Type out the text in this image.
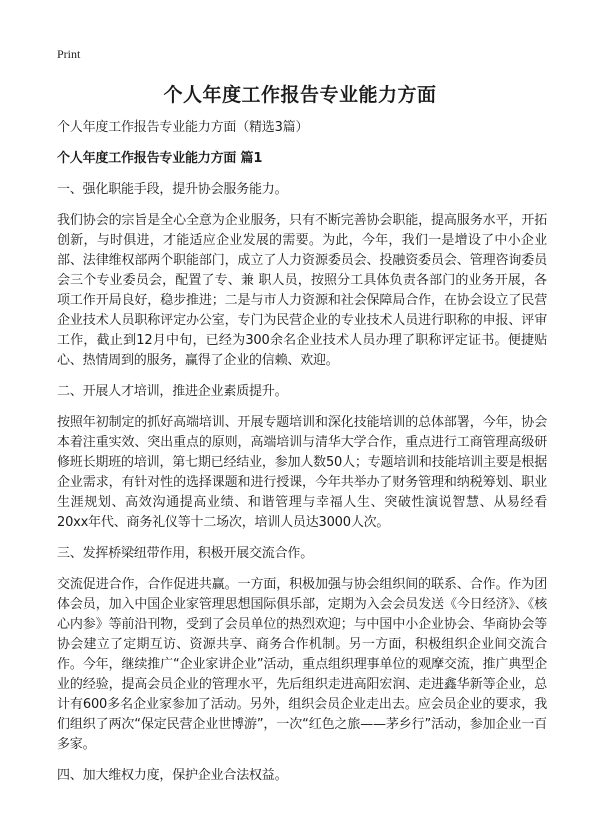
Print
个人年度工作报告专业能力方面

个人年度工作报告专业能力方面（精选3篇）

个人年度工作报告专业能力方面 篇1

一、强化职能手段，提升协会服务能力。

我们协会的宗旨是全心全意为企业服务，只有不断完善协会职能，提高服务水平，开拓创新，与时俱进，才能适应企业发展的需要。为此，今年，我们一是增设了中小企业部、法律维权部两个职能部门，成立了人力资源委员会、投融资委员会、管理咨询委员会三个专业委员会，配置了专、兼 职人员，按照分工具体负责各部门的业务开展，各项工作开局良好，稳步推进；二是与市人力资源和社会保障局合作，在协会设立了民营企业技术人员职称评定办公室，专门为民营企业的专业技术人员进行职称的申报、评审工作，截止到12月中旬，已经为300余名企业技术人员办理了职称评定证书。便捷贴心、热情周到的服务，赢得了企业的信赖、欢迎。

二、开展人才培训，推进企业素质提升。

按照年初制定的抓好高端培训、开展专题培训和深化技能培训的总体部署，今年，协会本着注重实效、突出重点的原则，高端培训与清华大学合作，重点进行工商管理高级研修班长期班的培训，第七期已经结业，参加人数50人；专题培训和技能培训主要是根据企业需求，有针对性的选择课题和进行授课，今年共举办了财务管理和纳税筹划、职业生涯规划、高效沟通提高业绩、和谐管理与幸福人生、突破性演说智慧、从易经看20xx年代、商务礼仪等十二场次，培训人员达3000人次。

三、发挥桥梁纽带作用，积极开展交流合作。

交流促进合作，合作促进共赢。一方面，积极加强与协会组织间的联系、合作。作为团体会员，加入中国企业家管理思想国际俱乐部，定期为入会会员发送《今日经济》、《核心内参》等前沿刊物，受到了会员单位的热烈欢迎；与中国中小企业协会、华商协会等协会建立了定期互访、资源共享、商务合作机制。另一方面，积极组织企业间交流合作。今年，继续推广“企业家讲企业”活动，重点组织理事单位的观摩交流，推广典型企业的经验，提高会员企业的管理水平，先后组织走进高阳宏润、走进鑫华新等企业，总计有600多名企业家参加了活动。另外，组织会员企业走出去。应会员企业的要求，我们组织了两次“保定民营企业世博游”，一次“红色之旅——茅乡行”活动，参加企业一百多家。

四、加大维权力度，保护企业合法权益。
